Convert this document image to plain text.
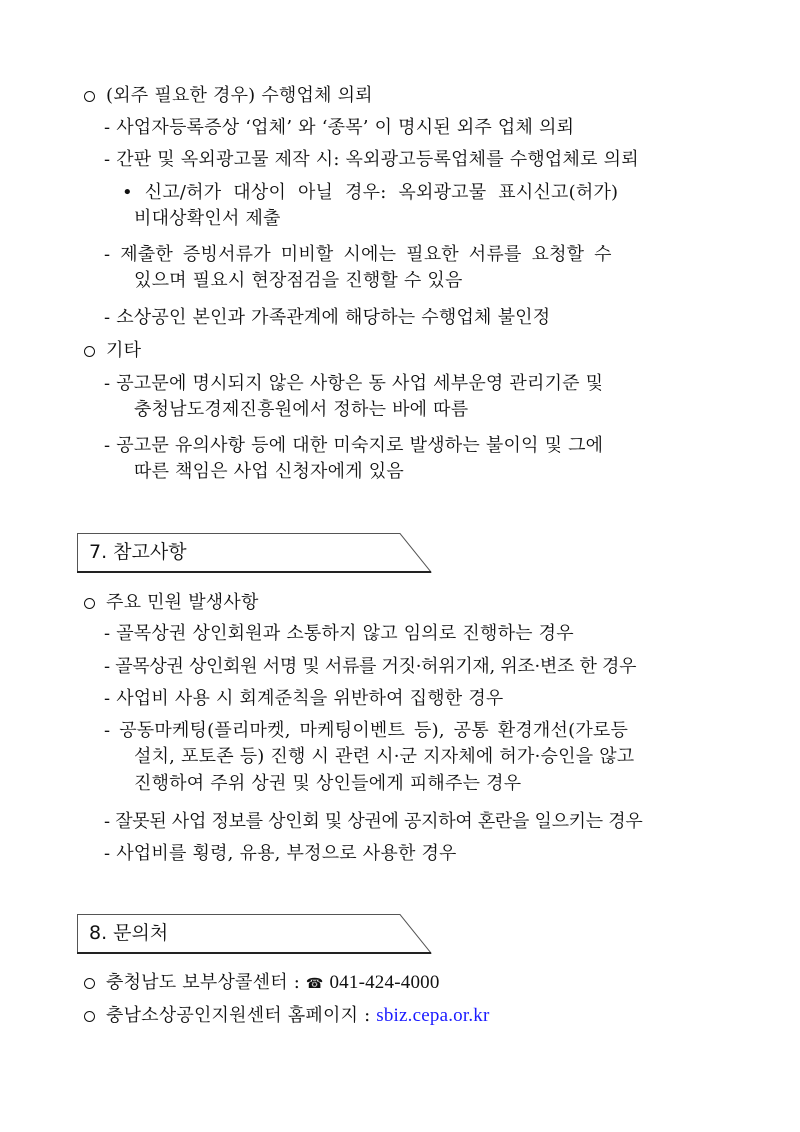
(외주 필요한 경우) 수행업체 의뢰
- 사업자등록증상 ‘업체’ 와 ‘종목’ 이 명시된 외주 업체 의뢰
- 간판 및 옥외광고물 제작 시: 옥외광고등록업체를 수행업체로 의뢰
• 신고/허가 대상이 아닐 경우: 옥외광고물 표시신고(허가)
비대상확인서 제출
- 제출한 증빙서류가 미비할 시에는 필요한 서류를 요청할 수
있으며 필요시 현장점검을 진행할 수 있음
- 소상공인 본인과 가족관계에 해당하는 수행업체 불인정
기타
- 공고문에 명시되지 않은 사항은 동 사업 세부운영 관리기준 및
충청남도경제진흥원에서 정하는 바에 따름
- 공고문 유의사항 등에 대한 미숙지로 발생하는 불이익 및 그에
따른 책임은 사업 신청자에게 있음
7. 참고사항
주요 민원 발생사항
- 골목상권 상인회원과 소통하지 않고 임의로 진행하는 경우
- 골목상권 상인회원 서명 및 서류를 거짓·허위기재, 위조·변조 한 경우
- 사업비 사용 시 회계준칙을 위반하여 집행한 경우
- 공동마케팅(플리마켓, 마케팅이벤트 등), 공통 환경개선(가로등
설치, 포토존 등) 진행 시 관련 시·군 지자체에 허가·승인을 않고
진행하여 주위 상권 및 상인들에게 피해주는 경우
- 잘못된 사업 정보를 상인회 및 상권에 공지하여 혼란을 일으키는 경우
- 사업비를 횡령, 유용, 부정으로 사용한 경우
8. 문의처
충청남도 보부상콜센터 : ☎ 041-424-4000
충남소상공인지원센터 홈페이지 : sbiz.cepa.or.kr
